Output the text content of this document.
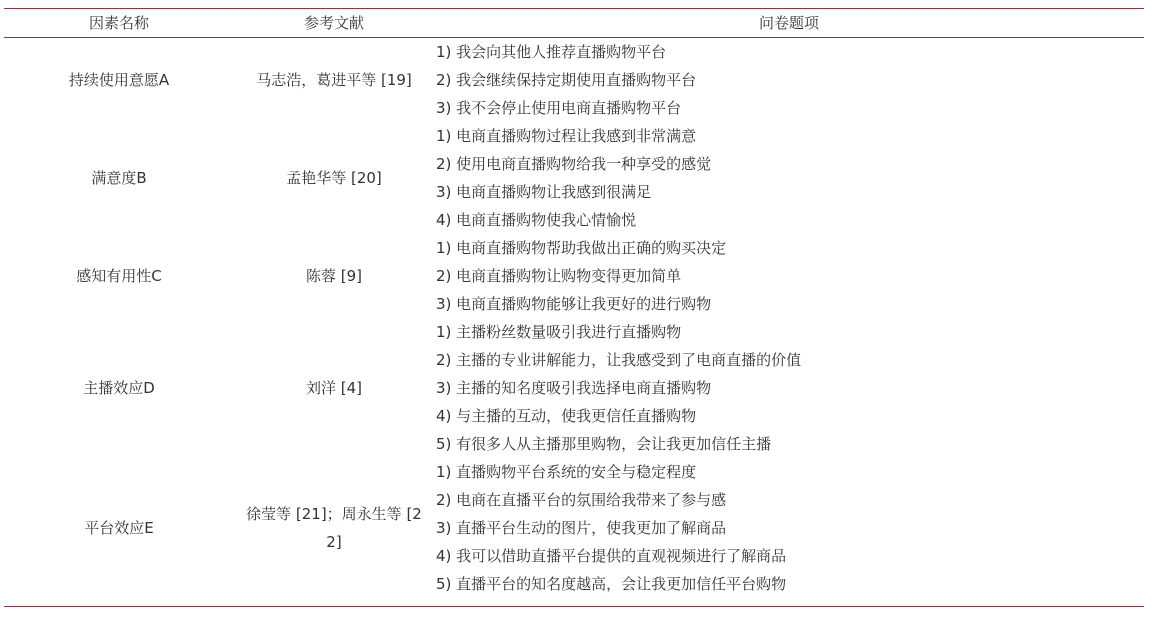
因素名称	参考文献	问卷题项
持续使用意愿A	马志浩，葛进平等 [19]	1) 我会向其他人推荐直播购物平台
2) 我会继续保持定期使用直播购物平台
3) 我不会停止使用电商直播购物平台

满意度B	孟艳华等 [20]	1) 电商直播购物过程让我感到非常满意
2) 使用电商直播购物给我一种享受的感觉
3) 电商直播购物让我感到很满足
4) 电商直播购物使我心情愉悦

感知有用性C	陈蓉 [9]	1) 电商直播购物帮助我做出正确的购买决定
2) 电商直播购物让购物变得更加简单
3) 电商直播购物能够让我更好的进行购物

主播效应D	刘洋 [4]	1) 主播粉丝数量吸引我进行直播购物
2) 主播的专业讲解能力，让我感受到了电商直播的价值
3) 主播的知名度吸引我选择电商直播购物
4) 与主播的互动，使我更信任直播购物
5) 有很多人从主播那里购物，会让我更加信任主播

平台效应E	徐莹等 [21]；周永生等 [22]	1) 直播购物平台系统的安全与稳定程度
2) 电商在直播平台的氛围给我带来了参与感
3) 直播平台生动的图片，使我更加了解商品
4) 我可以借助直播平台提供的直观视频进行了解商品
5) 直播平台的知名度越高，会让我更加信任平台购物
